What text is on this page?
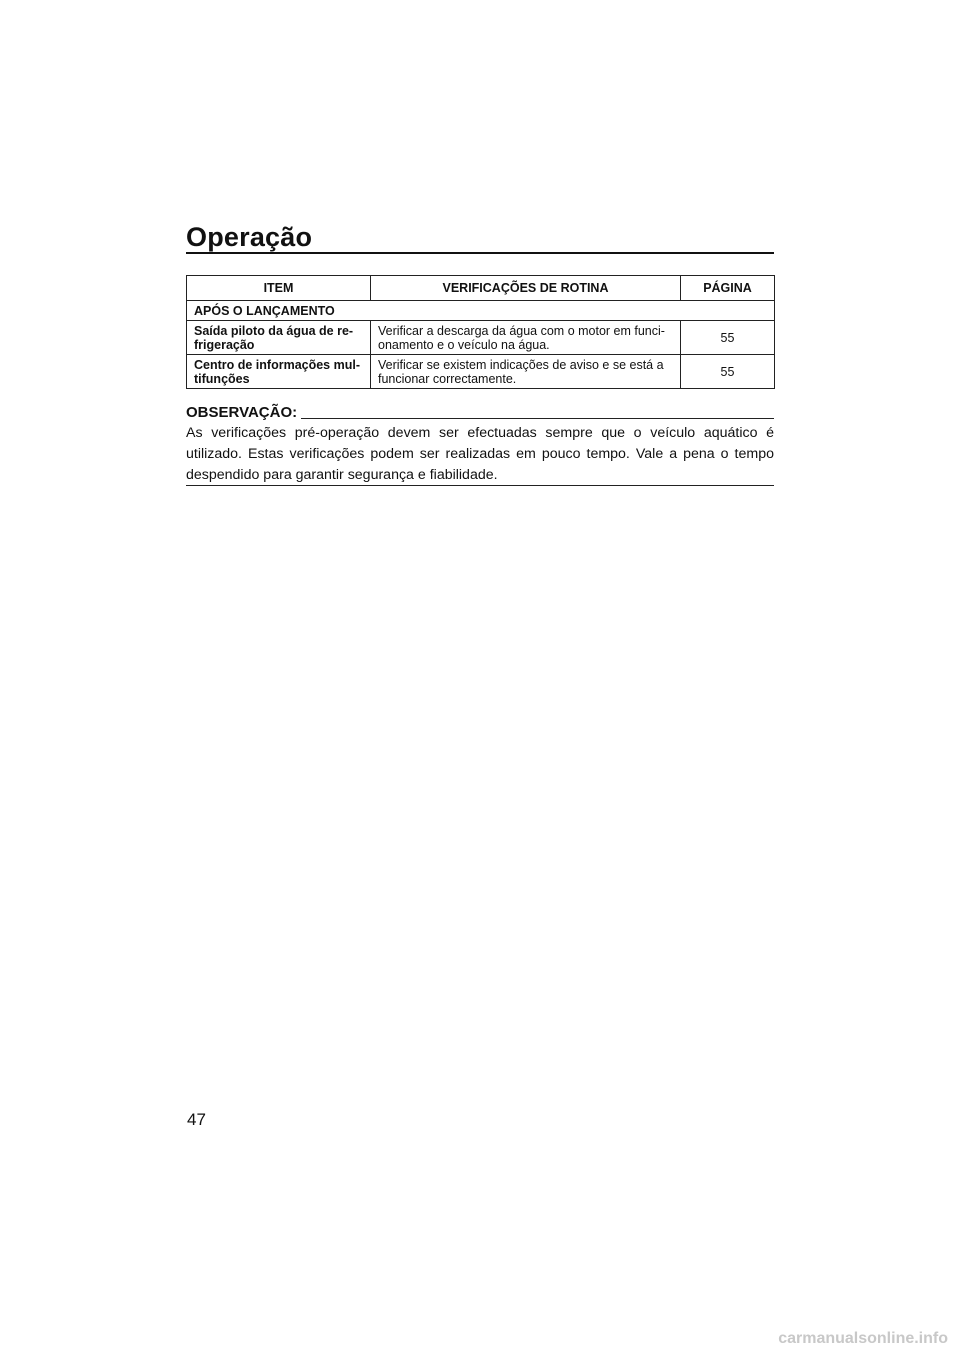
Operação
ITEM	VERIFICAÇÕES DE ROTINA	PÁGINA
APÓS O LANÇAMENTO		
Saída piloto da água de re-frigeração	Verificar a descarga da água com o motor em funci-onamento e o veículo na água.	55
Centro de informações mul-tifunções	Verificar se existem indicações de aviso e se está a funcionar correctamente.	55
OBSERVAÇÃO:
As verificações pré-operação devem ser efectuadas sempre que o veículo aquático é utilizado. Estas verificações podem ser realizadas em pouco tempo. Vale a pena o tempo despendido para garantir segurança e fiabilidade.
47
carmanualsonline.info
